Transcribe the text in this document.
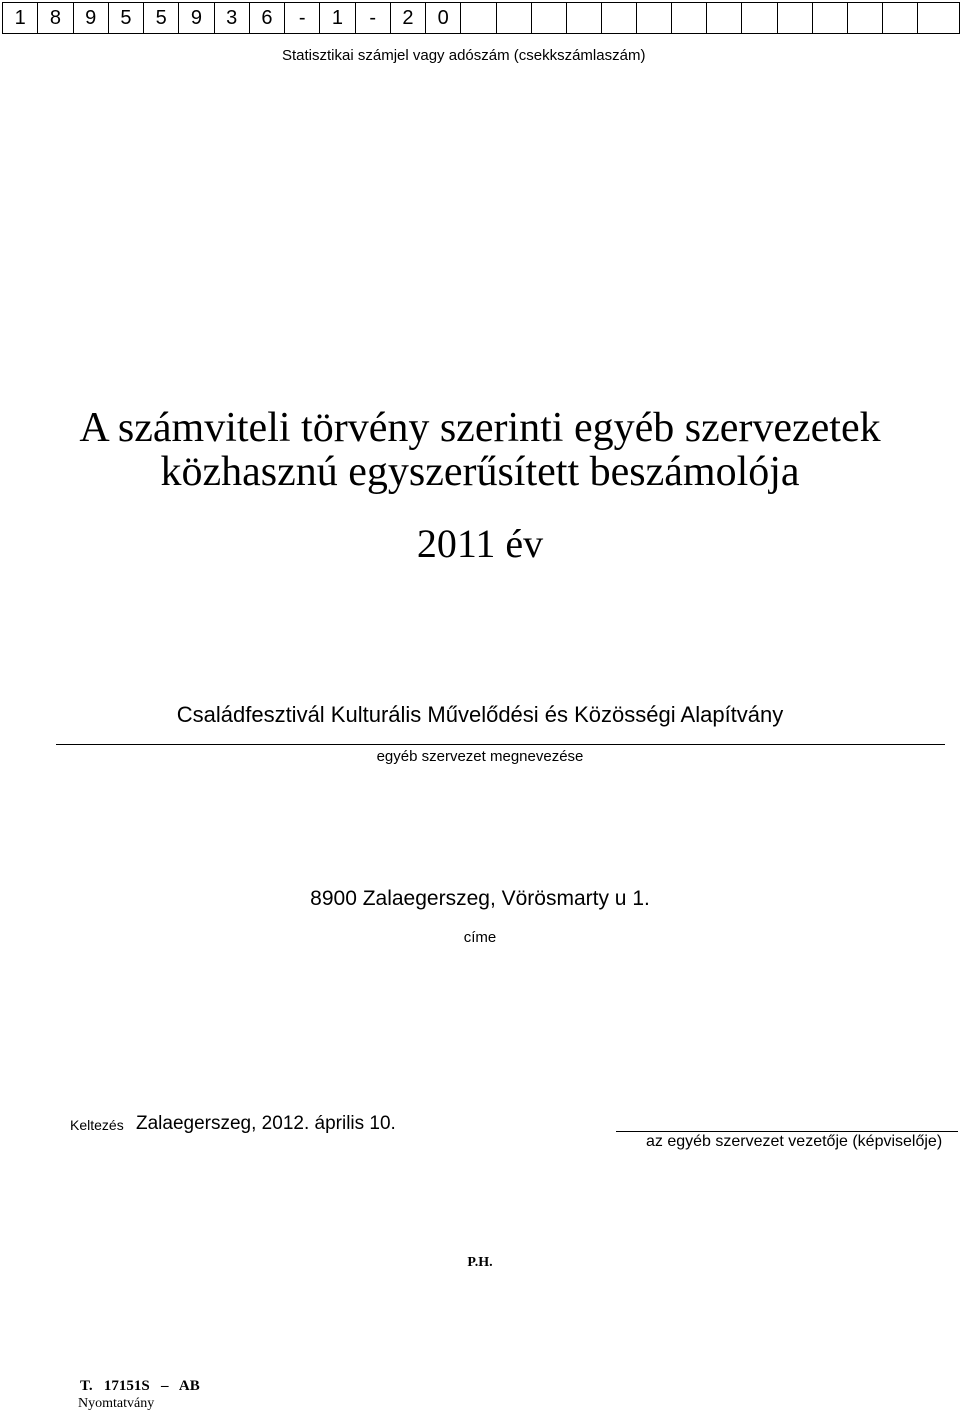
1	8	9	5	5	9	3	6	-	1	-	2	0														
Statisztikai számjel vagy adószám (csekkszámlaszám)
A számviteli törvény szerinti egyéb szervezetek
közhasznú egyszerűsített beszámolója
2011 év
Családfesztivál Kulturális Művelődési és Közösségi Alapítvány
egyéb szervezet megnevezése
8900 Zalaegerszeg, Vörösmarty u 1.
címe
Keltezés Zalaegerszeg, 2012. április 10.
az egyéb szervezet vezetője (képviselője)
P.H.
T.   17151S   –   AB
Nyomtatvány
